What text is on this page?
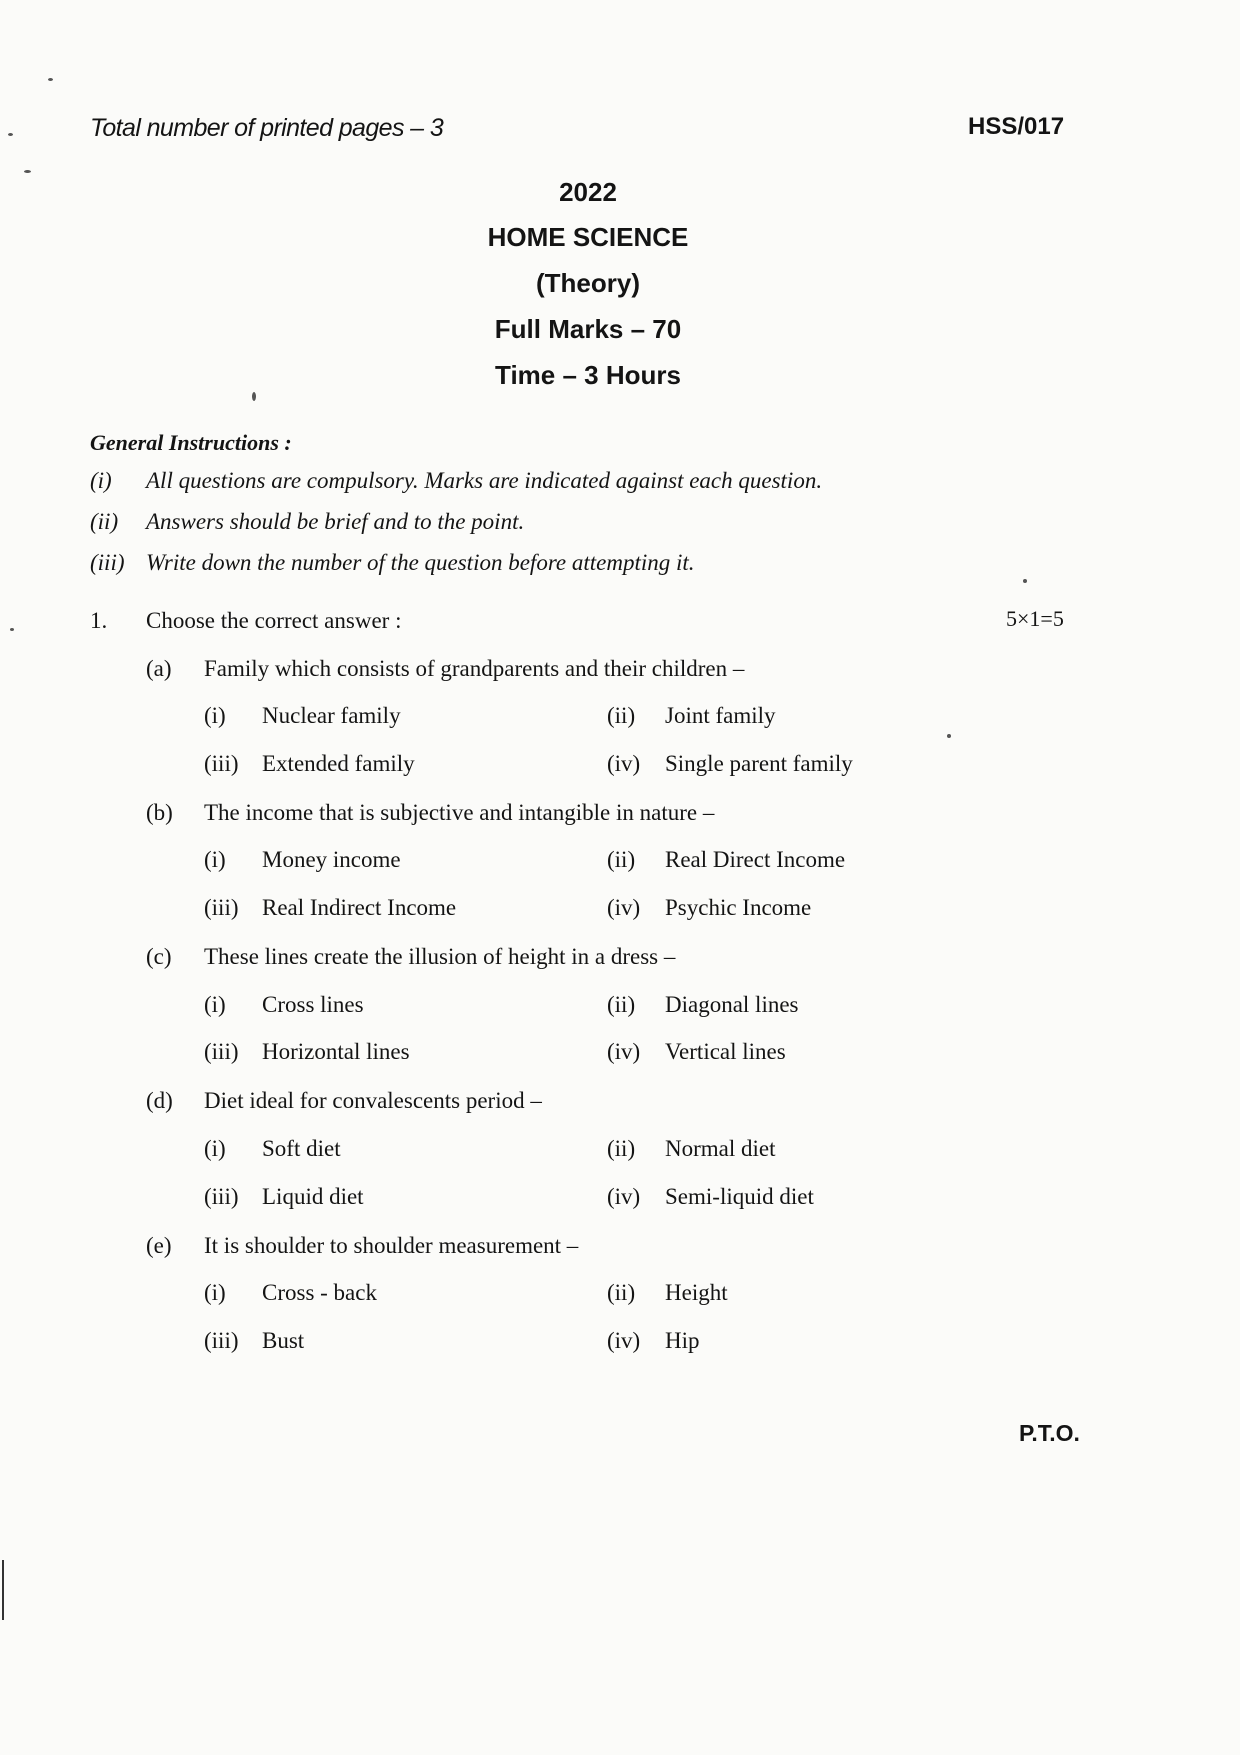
Total number of printed pages – 3	HSS/017
2022
HOME SCIENCE
(Theory)
Full Marks – 70
Time – 3 Hours
General Instructions :
(i) All questions are compulsory. Marks are indicated against each question.
(ii) Answers should be brief and to the point.
(iii) Write down the number of the question before attempting it.
1. Choose the correct answer :	5×1=5
(a) Family which consists of grandparents and their children –
(i) Nuclear family	(ii) Joint family
(iii) Extended family	(iv) Single parent family
(b) The income that is subjective and intangible in nature –
(i) Money income	(ii) Real Direct Income
(iii) Real Indirect Income	(iv) Psychic Income
(c) These lines create the illusion of height in a dress –
(i) Cross lines	(ii) Diagonal lines
(iii) Horizontal lines	(iv) Vertical lines
(d) Diet ideal for convalescents period –
(i) Soft diet	(ii) Normal diet
(iii) Liquid diet	(iv) Semi-liquid diet
(e) It is shoulder to shoulder measurement –
(i) Cross - back	(ii) Height
(iii) Bust	(iv) Hip
P.T.O.
